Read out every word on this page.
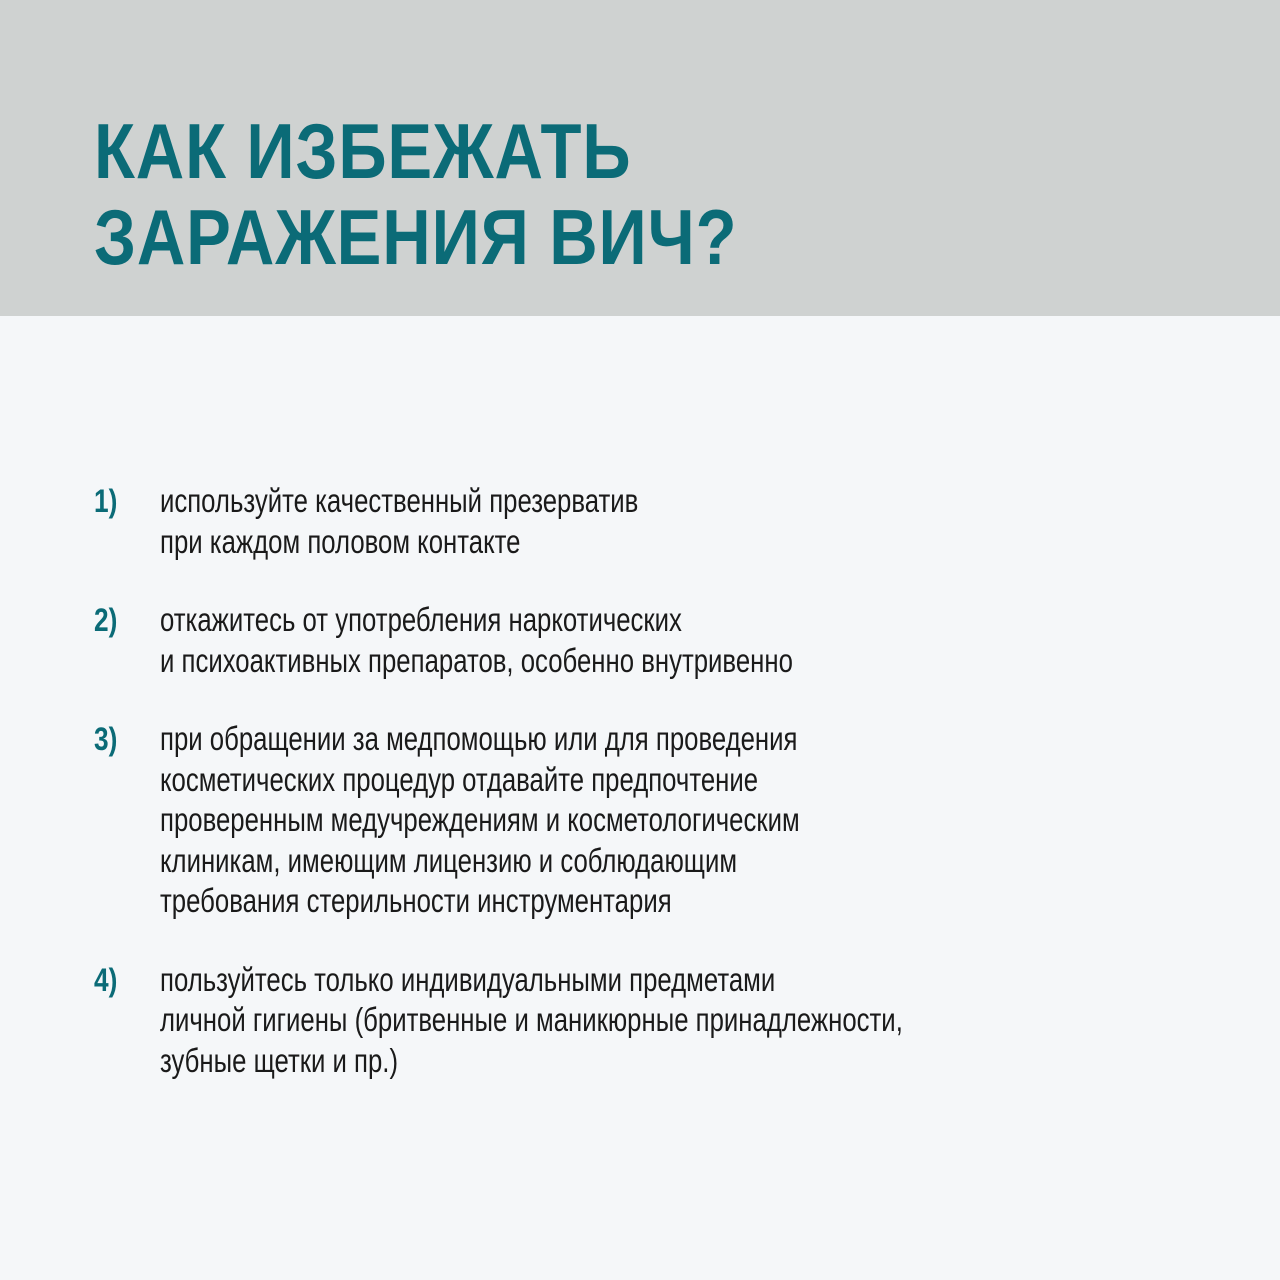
КАК ИЗБЕЖАТЬ
ЗАРАЖЕНИЯ ВИЧ?
1)	используйте качественный презерватив
при каждом половом контакте
2)	откажитесь от употребления наркотических
и психоактивных препаратов, особенно внутривенно
3)	при обращении за медпомощью или для проведения
косметических процедур отдавайте предпочтение
проверенным медучреждениям и косметологическим
клиникам, имеющим лицензию и соблюдающим
требования стерильности инструментария
4)	пользуйтесь только индивидуальными предметами
личной гигиены (бритвенные и маникюрные принадлежности,
зубные щетки и пр.)
